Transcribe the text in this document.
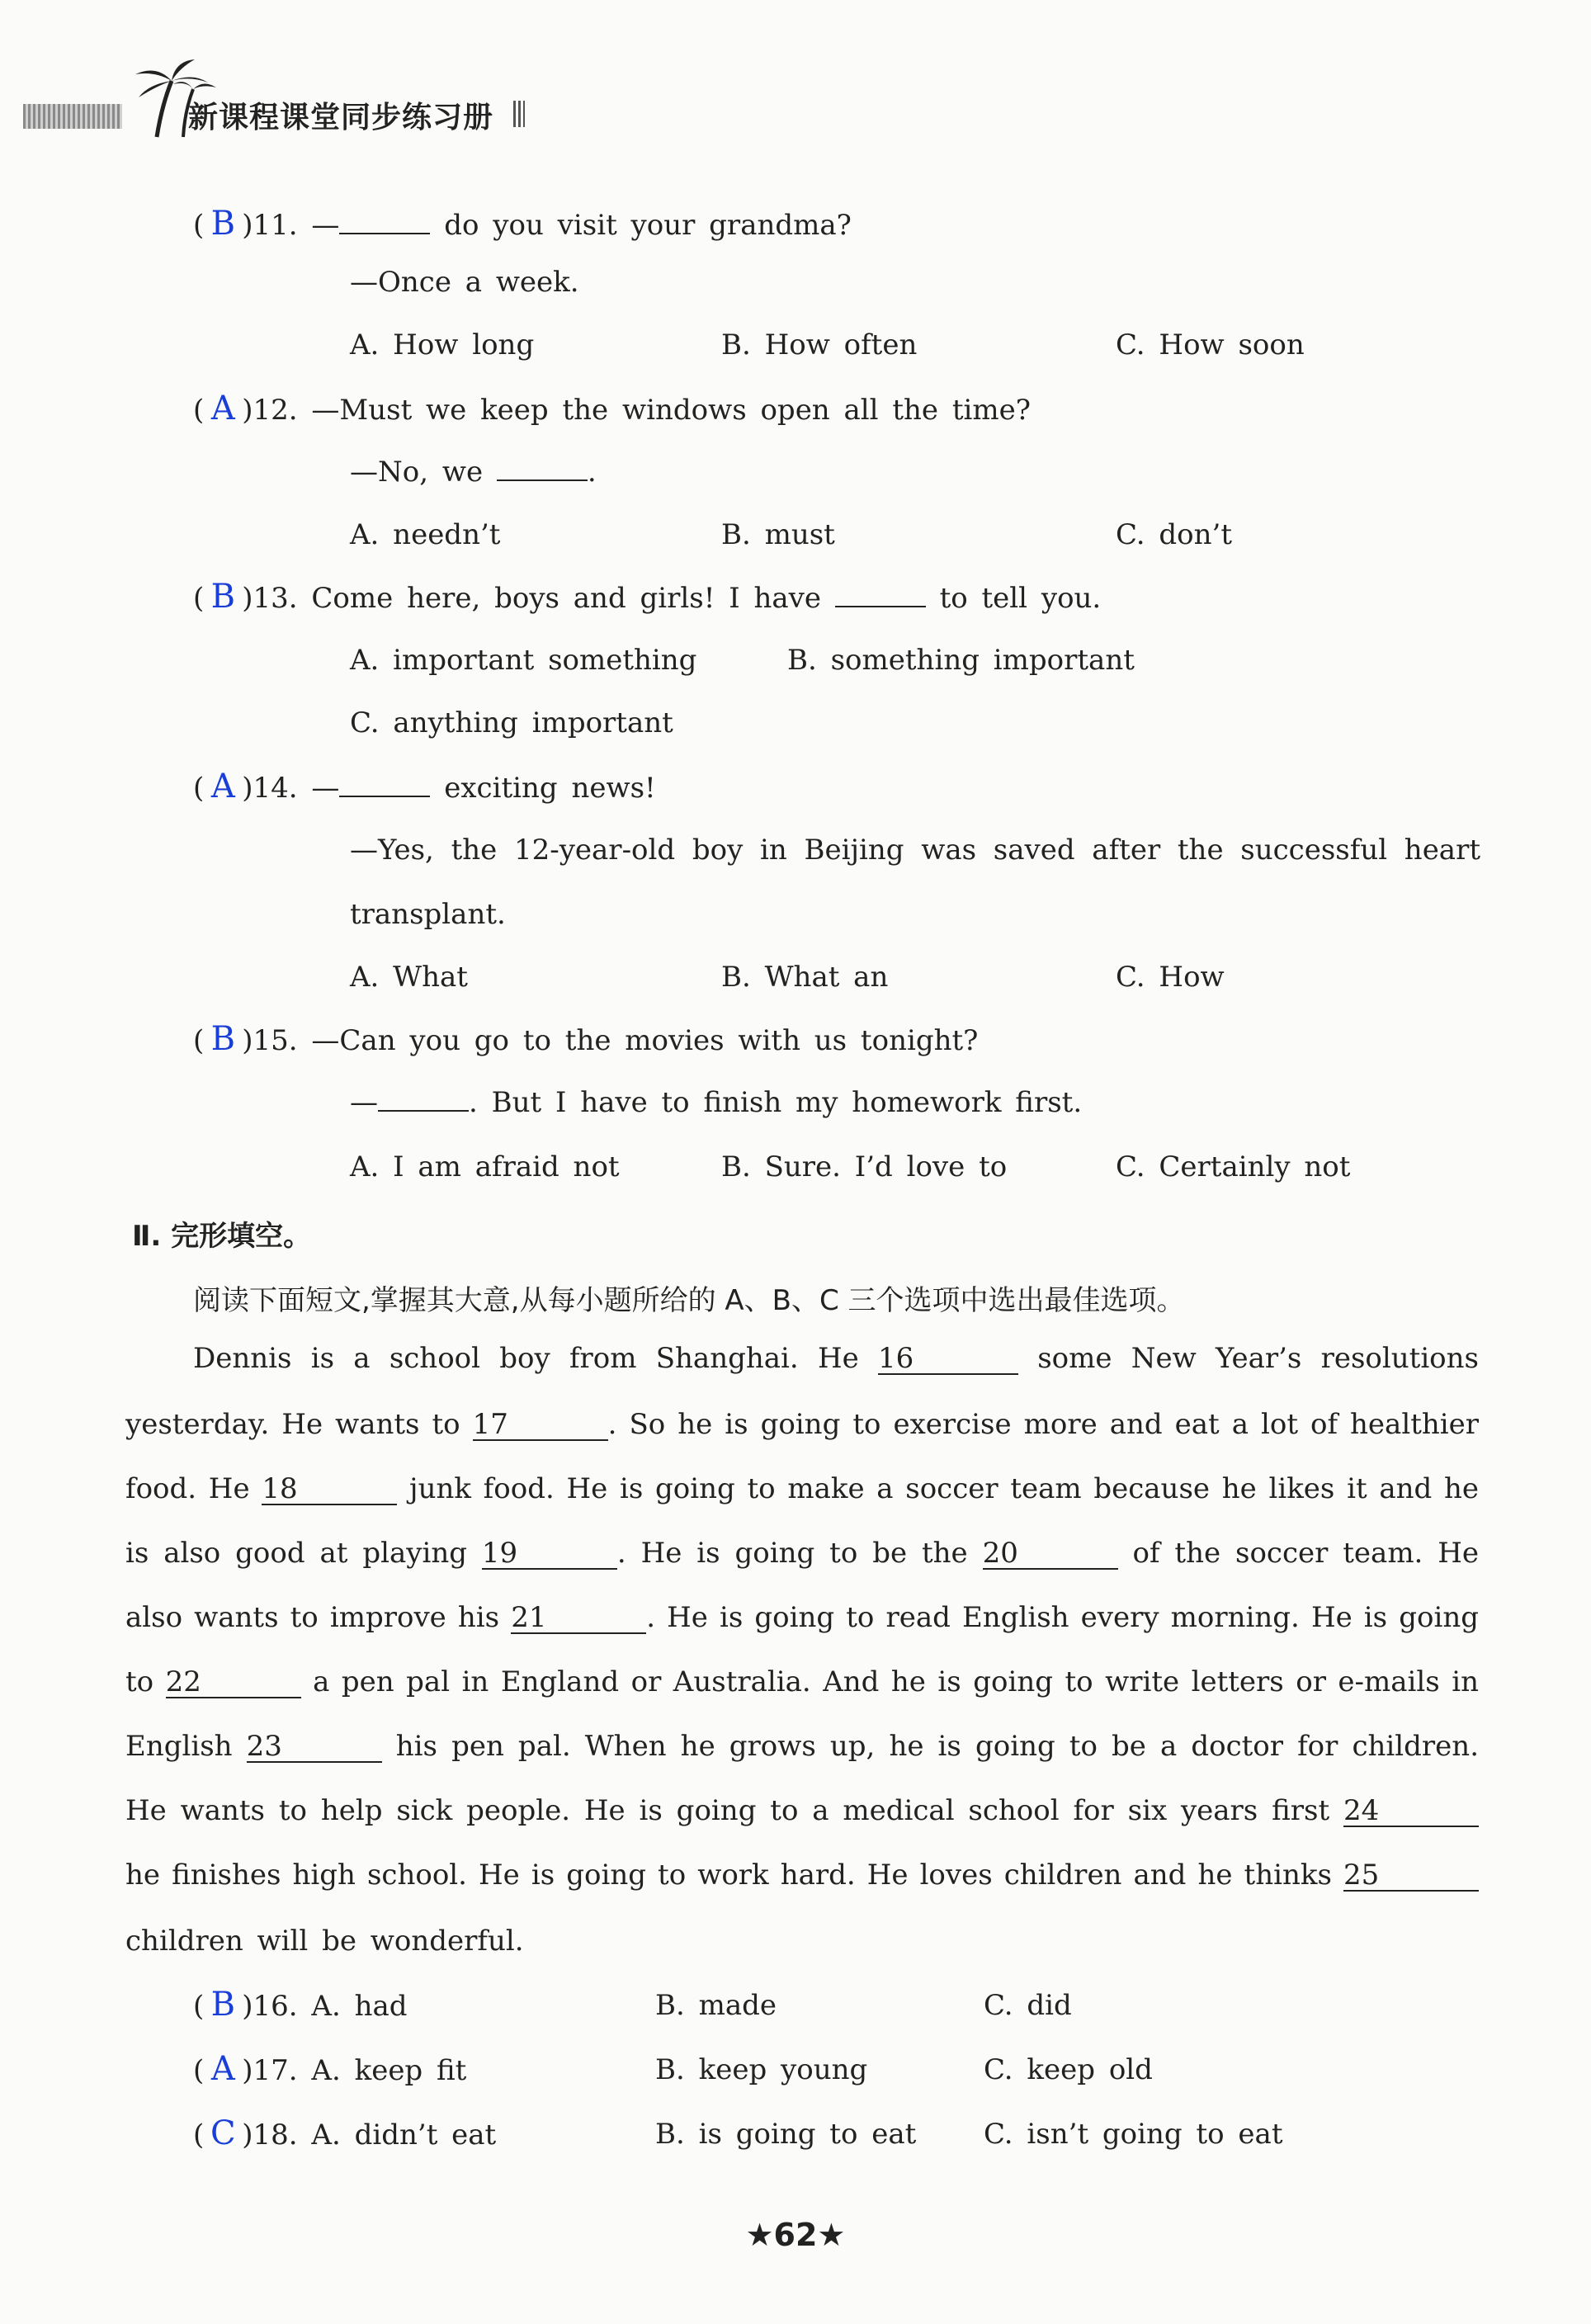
新课程课堂同步练习册
( B )11. —	do you visit your grandma?
—Once a week.
A. How long	B. How often	C. How soon
( A )12. —Must we keep the windows open all the time?
—No, we	.
A. needn’t	B. must	C. don’t
( B )13. Come here, boys and girls! I have	to tell you.
A. important something	B. something important
C. anything important
( A )14. —	exciting news!
—Yes, the 12-year-old boy in Beijing was saved after the successful heart
transplant.
A. What	B. What an	C. How
( B )15. —Can you go to the movies with us tonight?
—	. But I have to finish my homework first.
A. I am afraid not	B. Sure. I’d love to	C. Certainly not
Ⅱ. 完形填空。
阅读下面短文,掌握其大意,从每小题所给的 A、B、C 三个选项中选出最佳选项。
Dennis is a school boy from Shanghai. He 16	some New Year’s resolutions
yesterday. He wants to 17	. So he is going to exercise more and eat a lot of healthier
food. He 18	junk food. He is going to make a soccer team because he likes it and he
is also good at playing 19	. He is going to be the 20	of the soccer team. He
also wants to improve his 21	. He is going to read English every morning. He is going
to 22	a pen pal in England or Australia. And he is going to write letters or e-mails in
English 23	his pen pal. When he grows up, he is going to be a doctor for children.
He wants to help sick people. He is going to a medical school for six years first 24
he finishes high school. He is going to work hard. He loves children and he thinks 25
children will be wonderful.
( B )16. A. had	B. made	C. did
( A )17. A. keep fit	B. keep young	C. keep old
( C )18. A. didn’t eat	B. is going to eat C. isn’t going to eat
★62★
